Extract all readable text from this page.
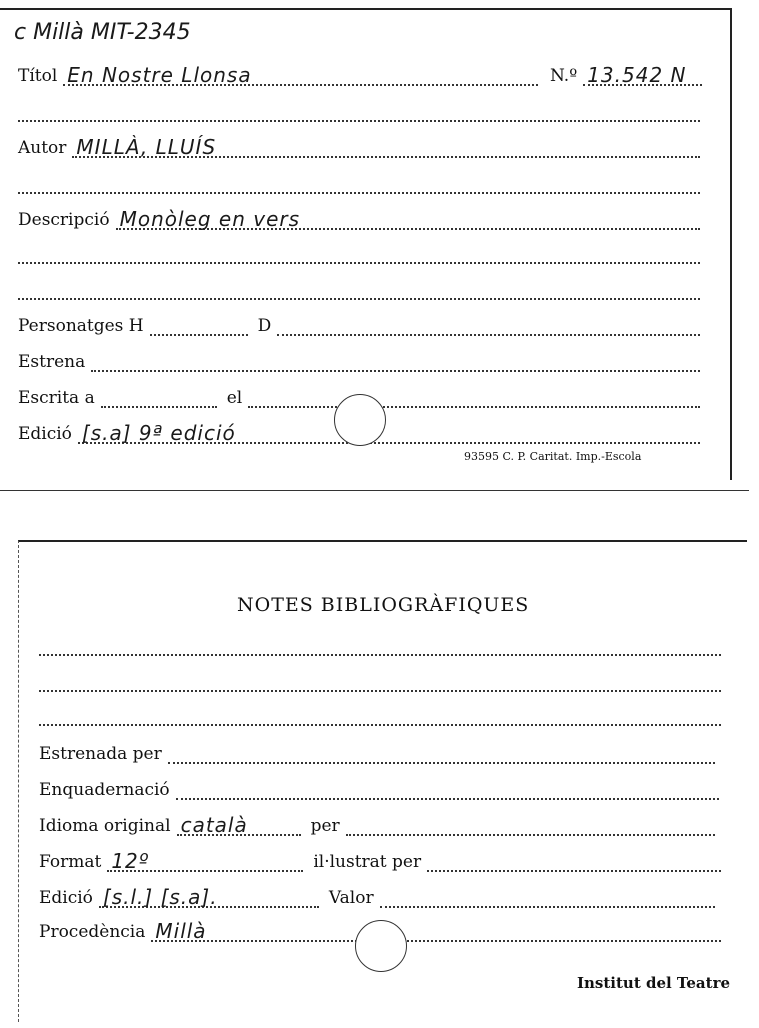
c Millà MIT-2345
Títol En Nostre Llonsa	N.º 13.542 N
Autor MILLÀ, LLUÍS
Descripció Monòleg en vers
Personatges H	D
Estrena
Escrita a	el
Edició [s.a] 9ª edició
93595 C. P. Caritat. Imp.-Escola
NOTES BIBLIOGRÀFIQUES
Estrenada per
Enquadernació
Idioma original català	per
Format 12º	il·lustrat per
Edició [s.l.] [s.a].	Valor
Procedència Millà
Institut del Teatre
